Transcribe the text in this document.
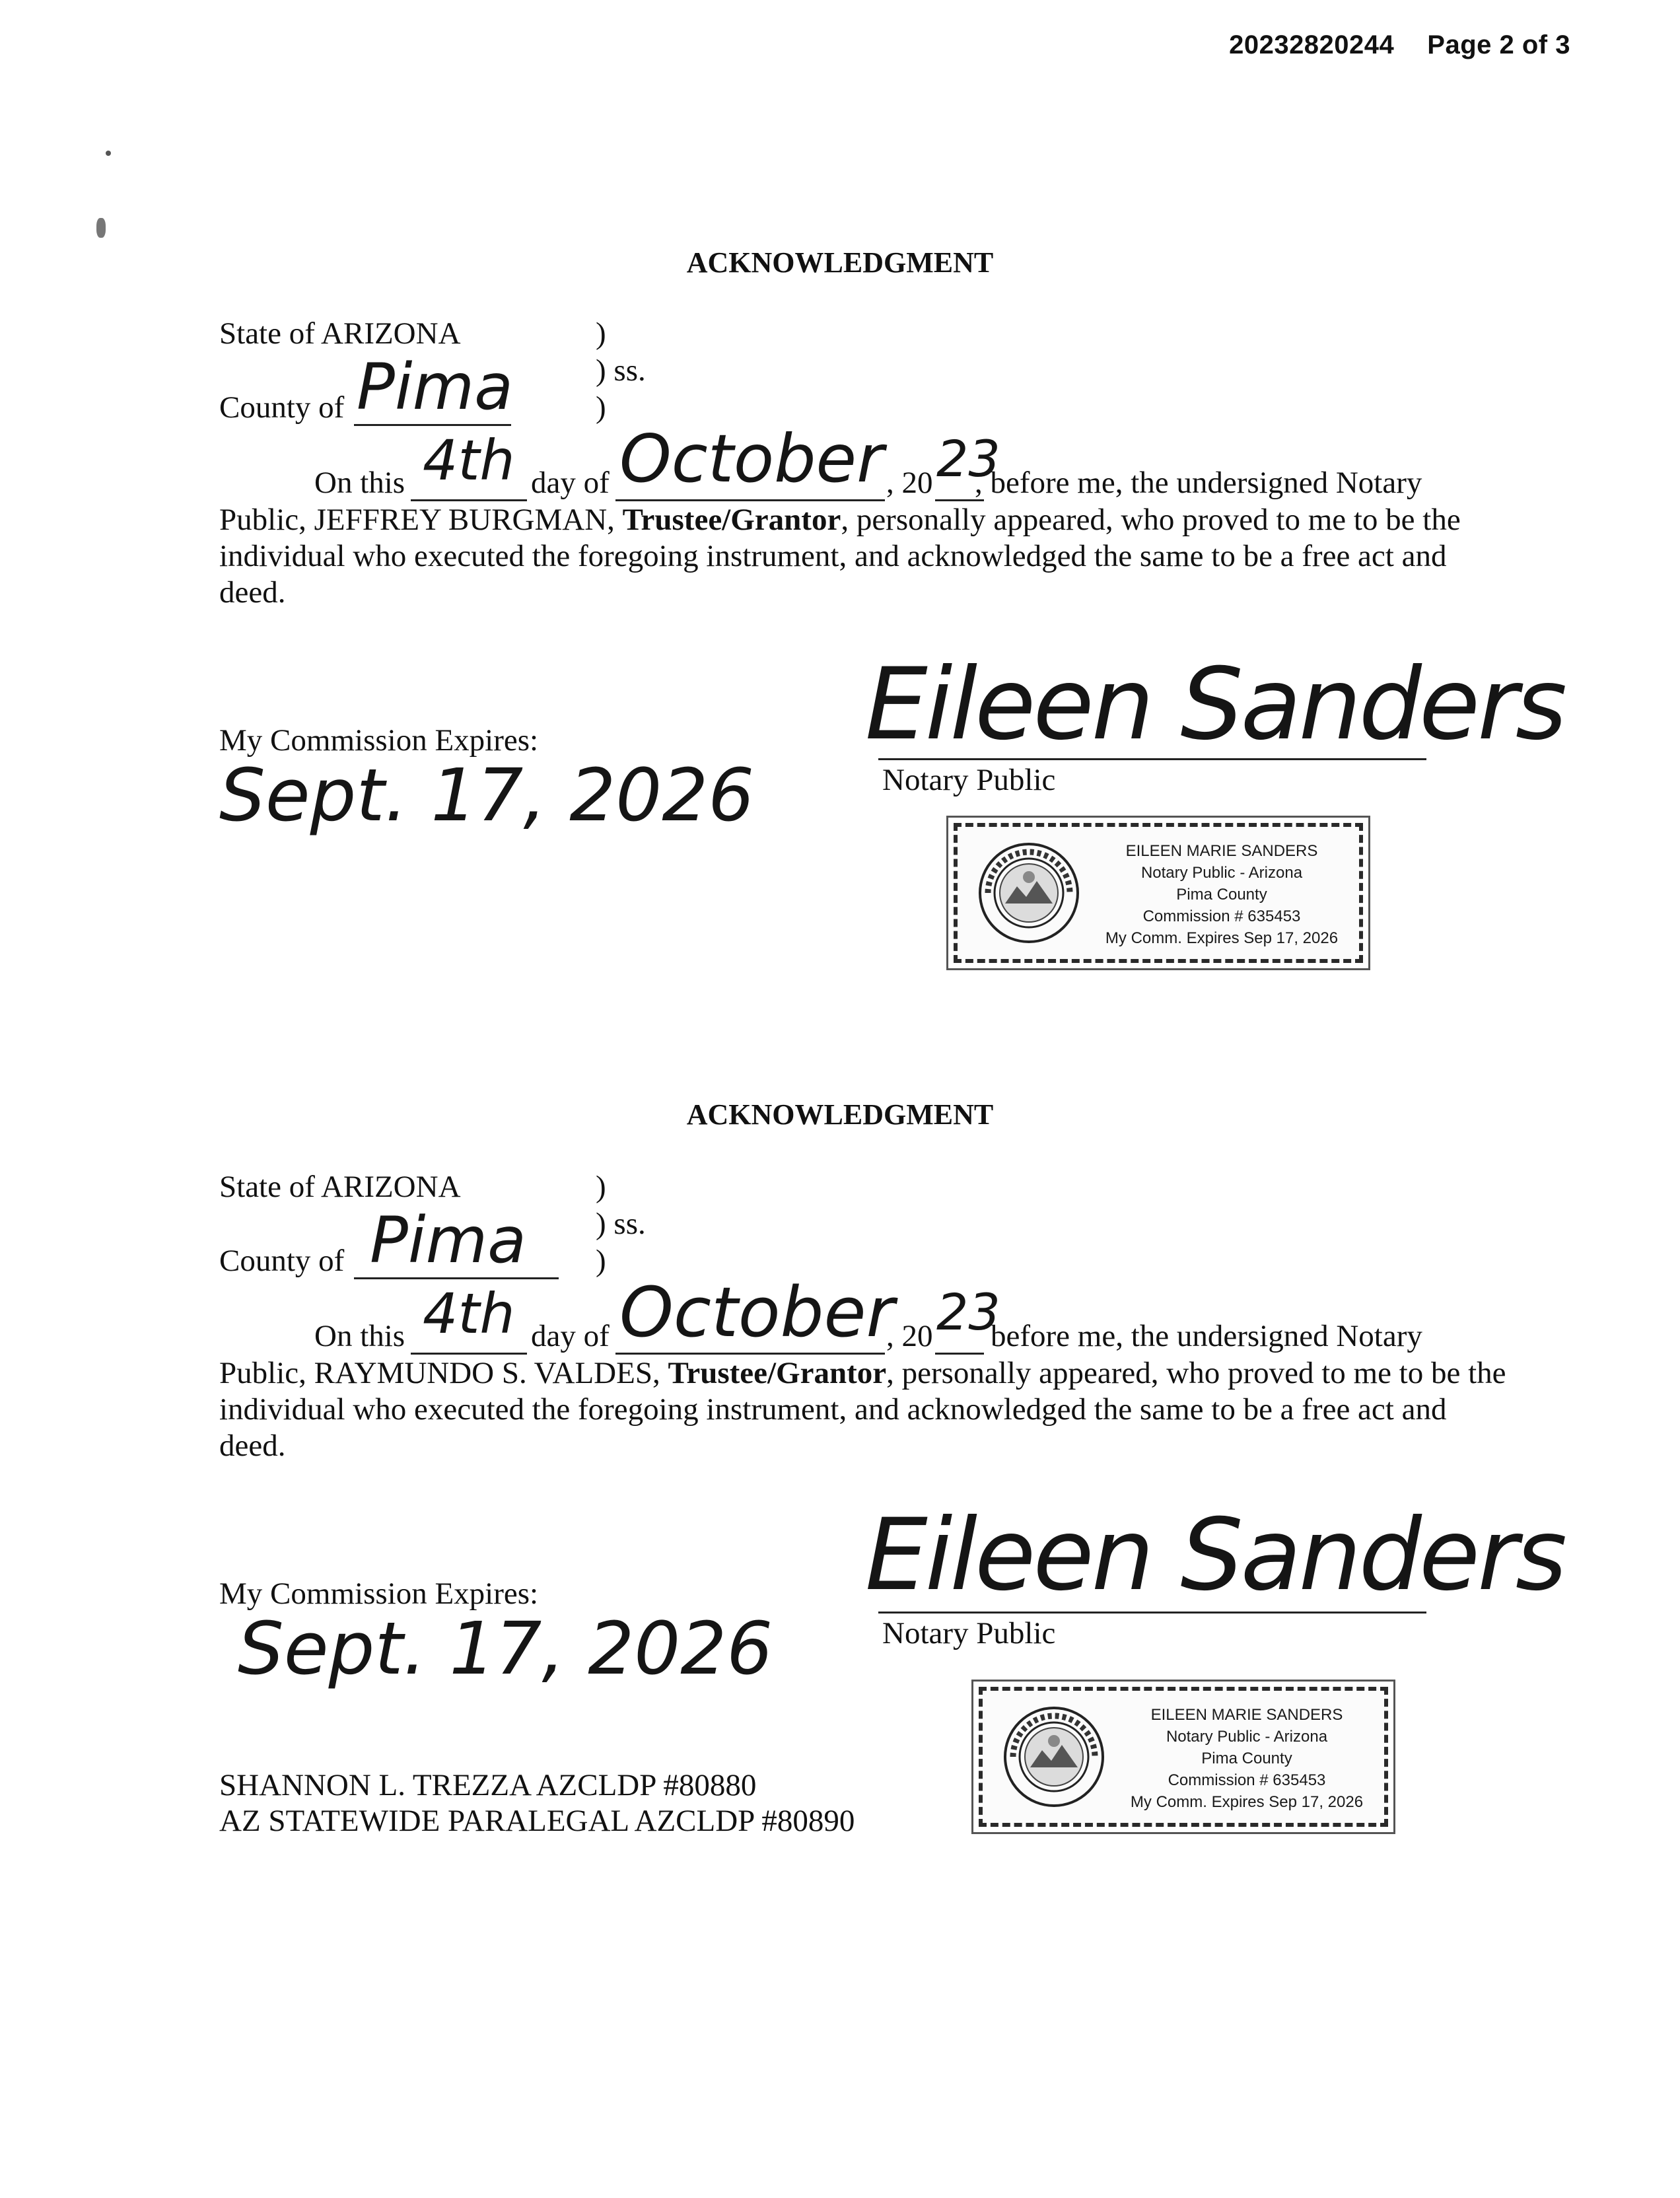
20232820244 Page 2 of 3
ACKNOWLEDGMENT
State of ARIZONA	)
) ss.
)
County of Pima
On this 4th day of October , 20 23
, before me, the undersigned Notary
Public, JEFFREY BURGMAN, Trustee/Grantor, personally appeared, who proved to me to be the individual who executed the foregoing instrument, and acknowledged the same to be a free act and deed.
My Commission Expires:
Sept. 17, 2026
Eileen Sanders
Notary Public
EILEEN MARIE SANDERS
Notary Public - Arizona
Pima County
Commission # 635453
My Comm. Expires Sep 17, 2026
ACKNOWLEDGMENT
State of ARIZONA	)
) ss.
)
County of Pima
On this 4th day of October
, 20 23
before me, the undersigned Notary
Public, RAYMUNDO S. VALDES, Trustee/Grantor, personally appeared, who proved to me to be the individual who executed the foregoing instrument, and acknowledged the same to be a free act and deed.
My Commission Expires:
Sept. 17, 2026
Eileen Sanders
Notary Public
EILEEN MARIE SANDERS
Notary Public - Arizona
Pima County
Commission # 635453
My Comm. Expires Sep 17, 2026
SHANNON L. TREZZA AZCLDP #80880
AZ STATEWIDE PARALEGAL AZCLDP #80890
